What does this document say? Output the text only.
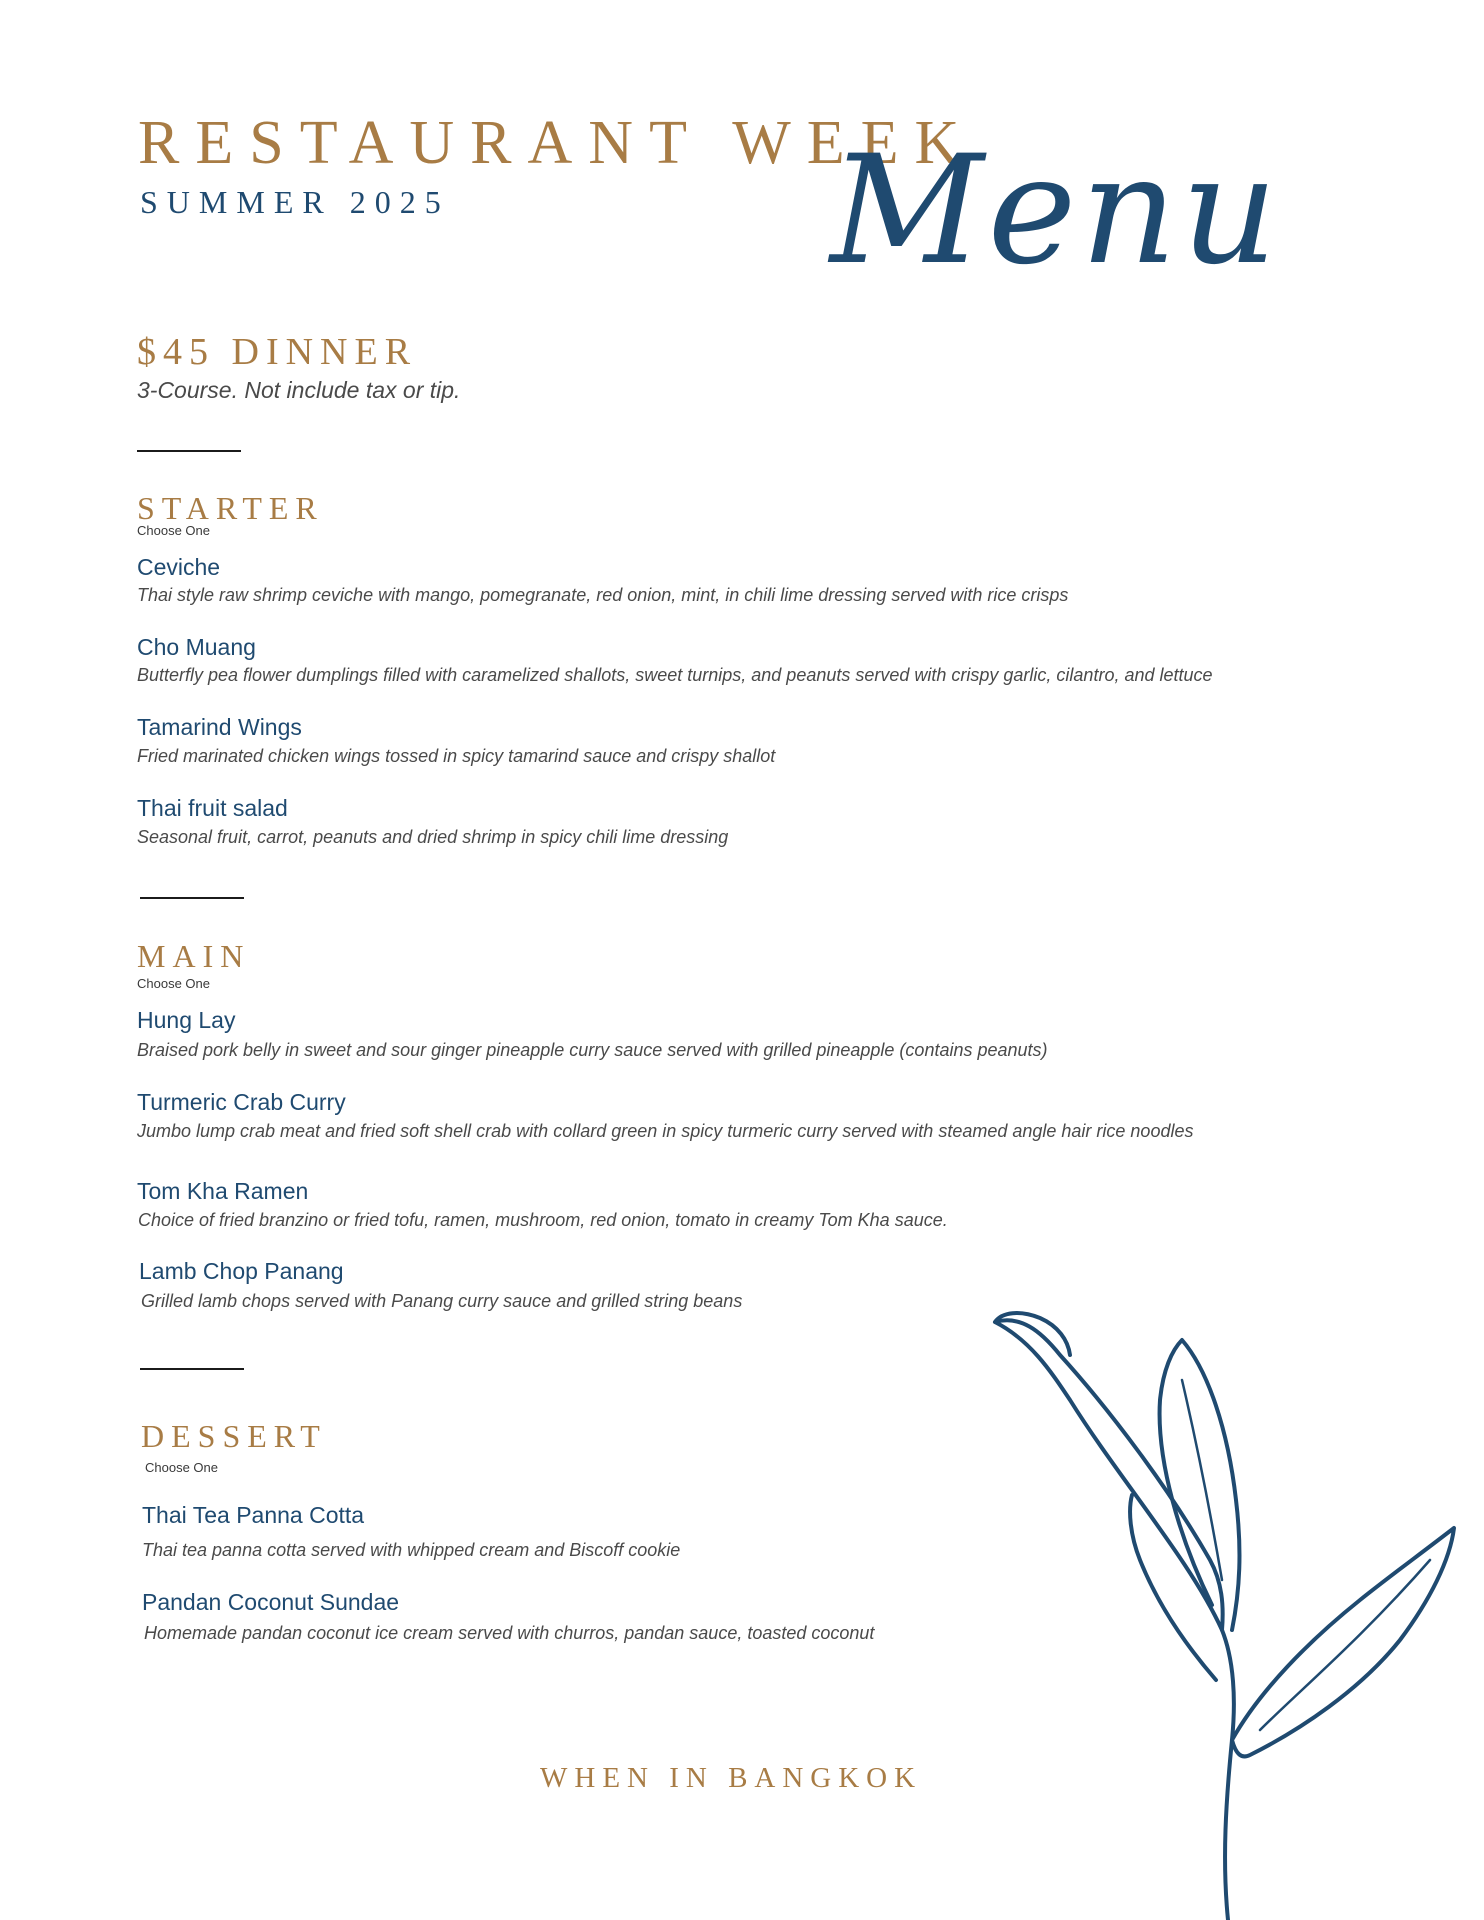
RESTAURANT WEEK
SUMMER 2025	Menu
$45 DINNER
3-Course. Not include tax or tip.
STARTER
Choose One
Ceviche
Thai style raw shrimp ceviche with mango, pomegranate, red onion, mint, in chili lime dressing served with rice crisps
Cho Muang
Butterfly pea flower dumplings filled with caramelized shallots, sweet turnips, and peanuts served with crispy garlic, cilantro, and lettuce
Tamarind Wings
Fried marinated chicken wings tossed in spicy tamarind sauce and crispy shallot
Thai fruit salad
Seasonal fruit, carrot, peanuts and dried shrimp in spicy chili lime dressing
MAIN
Choose One
Hung Lay
Braised pork belly in sweet and sour ginger pineapple curry sauce served with grilled pineapple (contains peanuts)
Turmeric Crab Curry
Jumbo lump crab meat and fried soft shell crab with collard green in spicy turmeric curry served with steamed angle hair rice noodles
Tom Kha Ramen
Choice of fried branzino or fried tofu, ramen, mushroom, red onion, tomato in creamy Tom Kha sauce.
Lamb Chop Panang
Grilled lamb chops served with Panang curry sauce and grilled string beans
DESSERT
Choose One
Thai Tea Panna Cotta
Thai tea panna cotta served with whipped cream and Biscoff cookie
Pandan Coconut Sundae
Homemade pandan coconut ice cream served with churros, pandan sauce, toasted coconut
WHEN IN BANGKOK
